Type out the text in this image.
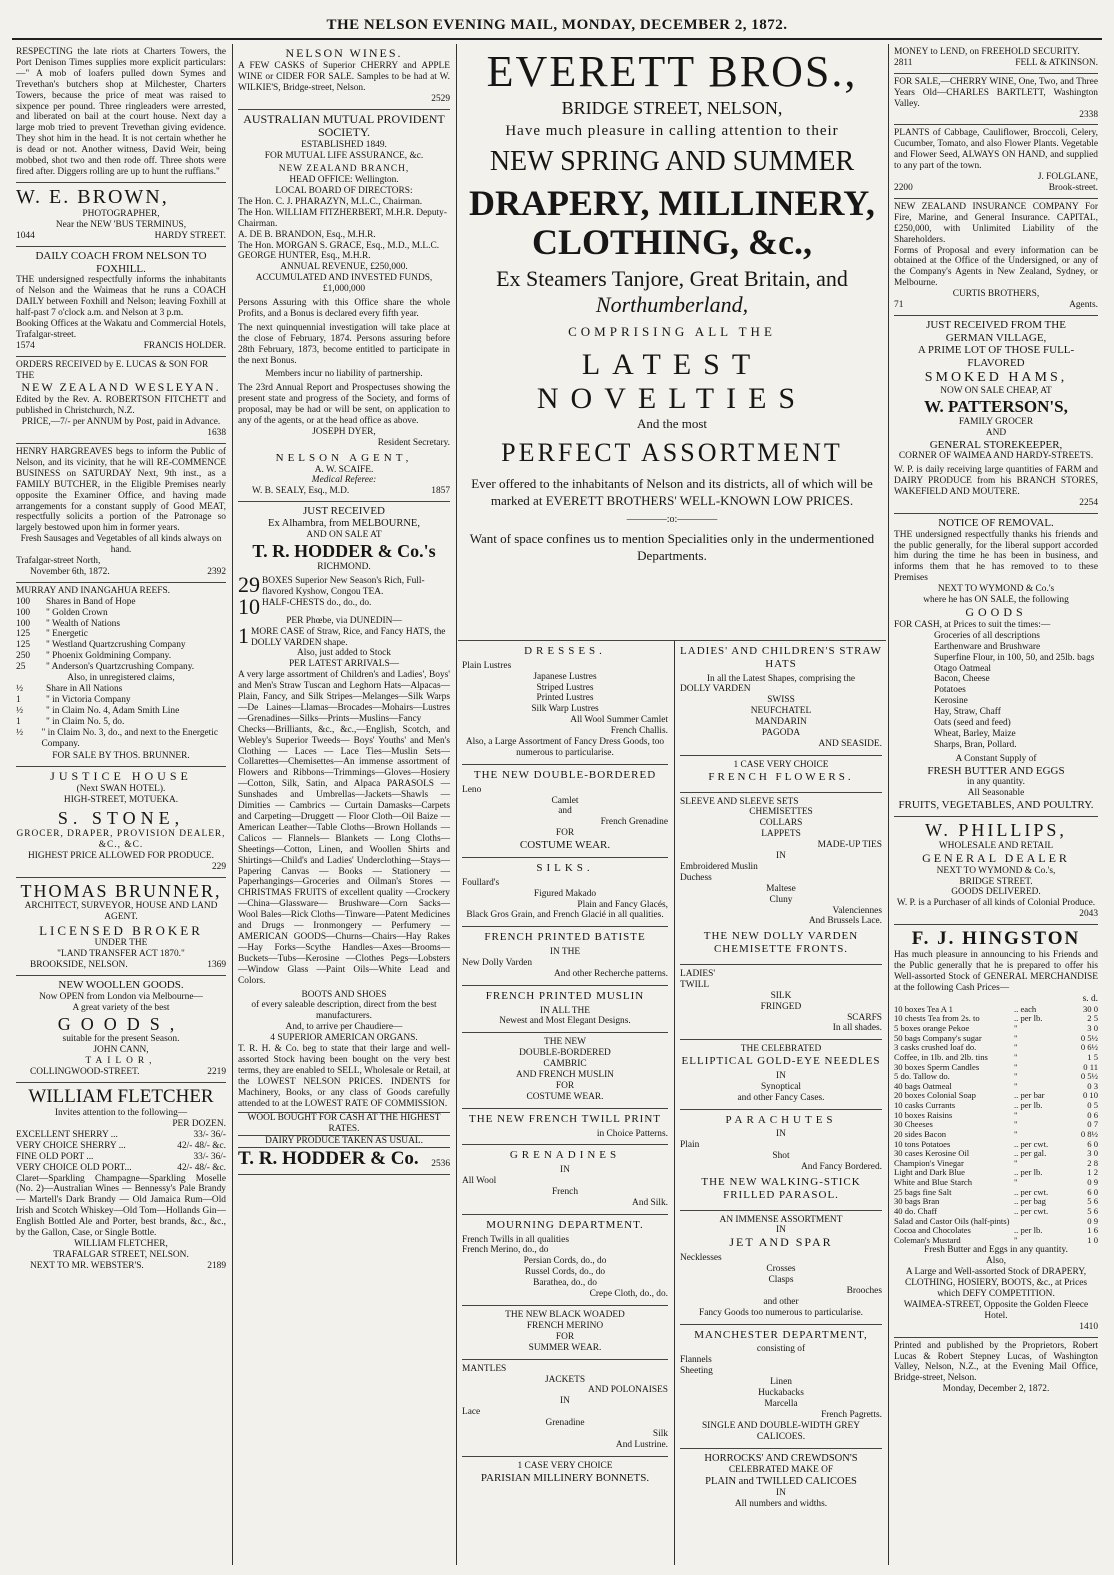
THE NELSON EVENING MAIL, MONDAY, DECEMBER 2, 1872.
RESPECTING the late riots at Charters Towers, the Port Denison Times supplies more explicit particulars:—" A mob of loafers pulled down Symes and Trevethan's butchers shop at Milchester, Charters Towers, because the price of meat was raised to sixpence per pound. Three ringleaders were arrested, and liberated on bail at the court house. Next day a large mob tried to prevent Trevethan giving evidence. They shot him in the head. It is not certain whether he is dead or not. Another witness, David Weir, being mobbed, shot two and then rode off. Three shots were fired after. Diggers rolling are up to hunt the ruffians."
W. E. BROWN,
PHOTOGRAPHER,
Near the NEW 'BUS TERMINUS,
1044	HARDY STREET.
DAILY COACH FROM NELSON TO FOXHILL.
THE undersigned respectfully informs the inhabitants of Nelson and the Waimeas that he runs a COACH DAILY between Foxhill and Nelson; leaving Foxhill at half-past 7 o'clock a.m. and Nelson at 3 p.m.
Booking Offices at the Wakatu and Commercial Hotels, Trafalgar-street.
1574	FRANCIS HOLDER.
ORDERS RECEIVED by E. LUCAS & SON FOR THE
NEW ZEALAND WESLEYAN.
Edited by the Rev. A. ROBERTSON FITCHETT and published in Christchurch, N.Z.
PRICE,—7/- per ANNUM by Post, paid in Advance.
1638
HENRY HARGREAVES begs to inform the Public of Nelson, and its vicinity, that he will RE-COMMENCE BUSINESS on SATURDAY Next, 9th inst., as a FAMILY BUTCHER, in the Eligible Premises nearly opposite the Examiner Office, and having made arrangements for a constant supply of Good MEAT, respectfully solicits a portion of the Patronage so largely bestowed upon him in former years.
Fresh Sausages and Vegetables of all kinds always on hand.
Trafalgar-street North,
November 6th, 1872.	2392
MURRAY AND INANGAHUA REEFS.
100	Shares in Band of Hope
100	" Golden Crown
100	" Wealth of Nations
125	" Energetic
125	" Westland Quartzcrushing Company
250	" Phoenix Goldmining Company.
25	" Anderson's Quartzcrushing Company.
Also, in unregistered claims,
½	Share in All Nations
1	" in Victoria Company
½	" in Claim No. 4, Adam Smith Line
1	" in Claim No. 5, do.
½	" in Claim No. 3, do., and next to the Energetic Company.
FOR SALE BY THOS. BRUNNER.
JUSTICE HOUSE
(Next SWAN HOTEL).
HIGH-STREET, MOTUEKA.
S. STONE,
GROCER, DRAPER, PROVISION DEALER, &C., &C.
HIGHEST PRICE ALLOWED FOR PRODUCE.
229
THOMAS BRUNNER,
ARCHITECT, SURVEYOR, HOUSE AND LAND AGENT.
LICENSED BROKER
UNDER THE
"LAND TRANSFER ACT 1870."
BROOKSIDE, NELSON.	1369
NEW WOOLLEN GOODS.
Now OPEN from London via Melbourne—
A great variety of the best
GOODS,
suitable for the present Season.
JOHN CANN,
TAILOR,
COLLINGWOOD-STREET.	2219
WILLIAM FLETCHER
Invites attention to the following—
PER DOZEN.
EXCELLENT SHERRY ...	33/- 36/-
VERY CHOICE SHERRY ...	42/- 48/- &c.
FINE OLD PORT ...	33/- 36/-
VERY CHOICE OLD PORT...	42/- 48/- &c.
Claret—Sparkling Champagne—Sparkling Moselle (No. 2)—Australian Wines — Bennessy's Pale Brandy — Martell's Dark Brandy — Old Jamaica Rum—Old Irish and Scotch Whiskey—Old Tom—Hollands Gin—English Bottled Ale and Porter, best brands, &c., &c., by the Gallon, Case, or Single Bottle.
WILLIAM FLETCHER,
TRAFALGAR STREET, NELSON.
NEXT TO MR. WEBSTER'S.	2189
NELSON WINES.
A FEW CASKS of Superior CHERRY and APPLE WINE or CIDER FOR SALE. Samples to be had at W. WILKIE'S, Bridge-street, Nelson.
2529
AUSTRALIAN MUTUAL PROVIDENT SOCIETY.
ESTABLISHED 1849.
FOR MUTUAL LIFE ASSURANCE, &c.
NEW ZEALAND BRANCH,
HEAD OFFICE: Wellington.
LOCAL BOARD OF DIRECTORS:
The Hon. C. J. PHARAZYN, M.L.C., Chairman.
The Hon. WILLIAM FITZHERBERT, M.H.R. Deputy-Chairman.
A. DE B. BRANDON, Esq., M.H.R.
The Hon. MORGAN S. GRACE, Esq., M.D., M.L.C.
GEORGE HUNTER, Esq., M.H.R.
ANNUAL REVENUE, £250,000.
ACCUMULATED AND INVESTED FUNDS, £1,000,000
Persons Assuring with this Office share the whole Profits, and a Bonus is declared every fifth year.
The next quinquennial investigation will take place at the close of February, 1874. Persons assuring before 28th February, 1873, become entitled to participate in the next Bonus.
Members incur no liability of partnership.
The 23rd Annual Report and Prospectuses showing the present state and progress of the Society, and forms of proposal, may be had or will be sent, on application to any of the agents, or at the head office as above.
JOSEPH DYER,
Resident Secretary.
NELSON AGENT,
A. W. SCAIFE.
Medical Referee:
W. B. SEALY, Esq., M.D.	1857
JUST RECEIVED
Ex Alhambra, from MELBOURNE,
AND ON SALE AT
T. R. HODDER & Co.'s
RICHMOND.
29 BOXES Superior New Season's Rich, Full-flavored Kyshow, Congou TEA.
10 HALF-CHESTS do., do., do.
PER Phœbe, via DUNEDIN—
1 MORE CASE of Straw, Rice, and Fancy HATS, the DOLLY VARDEN shape.
Also, just added to Stock
PER LATEST ARRIVALS—
A very large assortment of Children's and Ladies', Boys' and Men's Straw Tuscan and Leghorn Hats—Alpacas—Plain, Fancy, and Silk Stripes—Melanges—Silk Warps—De Laines—Llamas—Brocades—Mohairs—Lustres—Grenadines—Silks—Prints—Muslins—Fancy Checks—Brilliants, &c., &c.,—English, Scotch, and Webley's Superior Tweeds— Boys' Youths' and Men's Clothing — Laces — Lace Ties—Muslin Sets—Collarettes—Chemisettes—An immense assortment of Flowers and Ribbons—Trimmings—Gloves—Hosiery—Cotton, Silk, Satin, and Alpaca PARASOLS —Sunshades and Umbrellas—Jackets—Shawls — Dimities — Cambrics — Curtain Damasks—Carpets and Carpeting—Druggett — Floor Cloth—Oil Baize — American Leather—Table Cloths—Brown Hollands — Calicos — Flannels— Blankets — Long Cloths—Sheetings—Cotton, Linen, and Woollen Shirts and Shirtings—Child's and Ladies' Underclothing—Stays—Papering Canvas — Books — Stationery — Paperhangings—Groceries and Oilman's Stores —CHRISTMAS FRUITS of excellent quality —Crockery—China—Glassware— Brushware—Corn Sacks—Wool Bales—Rick Cloths—Tinware—Patent Medicines and Drugs — Ironmongery — Perfumery — AMERICAN GOODS—Churns—Chairs—Hay Rakes—Hay Forks—Scythe Handles—Axes—Brooms—Buckets—Tubs—Kerosine —Clothes Pegs—Lobsters—Window Glass —Paint Oils—White Lead and Colors.
BOOTS AND SHOES
of every saleable description, direct from the best manufacturers.
And, to arrive per Chaudiere—
4 SUPERIOR AMERICAN ORGANS.
T. R. H. & Co. beg to state that their large and well-assorted Stock having been bought on the very best terms, they are enabled to SELL, Wholesale or Retail, at the LOWEST NELSON PRICES. INDENTS for Machinery, Books, or any class of Goods carefully attended to at the LOWEST RATE OF COMMISSION.
WOOL BOUGHT FOR CASH AT THE HIGHEST RATES.
DAIRY PRODUCE TAKEN AS USUAL.
T. R. HODDER & Co. 2536
EVERETT BROS.,
BRIDGE STREET, NELSON,
Have much pleasure in calling attention to their
NEW SPRING AND SUMMER
DRAPERY, MILLINERY,
CLOTHING, &c.,
Ex Steamers Tanjore, Great Britain, and
Northumberland,
COMPRISING ALL THE
LATEST NOVELTIES
And the most
PERFECT ASSORTMENT
Ever offered to the inhabitants of Nelson and its districts, all of which will be marked at EVERETT BROTHERS' WELL-KNOWN LOW PRICES.
————:o:————
Want of space confines us to mention Specialities only in the undermentioned Departments.
DRESSES.
Plain Lustres
Japanese Lustres
Striped Lustres
Printed Lustres
Silk Warp Lustres
All Wool Summer Camlet
French Challis.
Also, a Large Assortment of Fancy Dress Goods, too numerous to particularise.
THE NEW DOUBLE-BORDERED
Leno
Camlet
and
French Grenadine
FOR
COSTUME WEAR.
SILKS.
Foullard's
Figured Makado
Plain and Fancy Glacés,
Black Gros Grain, and French Glacié in all qualities.
FRENCH PRINTED BATISTE
IN THE
New Dolly Varden
And other Recherche patterns.
FRENCH PRINTED MUSLIN
IN ALL THE
Newest and Most Elegant Designs.
THE NEW
DOUBLE-BORDERED
CAMBRIC
AND FRENCH MUSLIN
FOR
COSTUME WEAR.
THE NEW FRENCH TWILL PRINT
in Choice Patterns.
GRENADINES
IN
All Wool
French
And Silk.
MOURNING DEPARTMENT.
French Twills in all qualities
French Merino, do., do
Persian Cords, do., do
Russel Cords, do., do
Barathea, do., do
Crepe Cloth, do., do.
THE NEW BLACK WOADED
FRENCH MERINO
FOR
SUMMER WEAR.
MANTLES
JACKETS
AND POLONAISES
IN
Lace
Grenadine
Silk
And Lustrine.
1 CASE VERY CHOICE
PARISIAN MILLINERY BONNETS.
LADIES' AND CHILDREN'S STRAW HATS
In all the Latest Shapes, comprising the
DOLLY VARDEN
SWISS
NEUFCHATEL
MANDARIN
PAGODA
AND SEASIDE.
1 CASE VERY CHOICE
FRENCH FLOWERS.
SLEEVE AND SLEEVE SETS
CHEMISETTES
COLLARS
LAPPETS
MADE-UP TIES
IN
Embroidered Muslin
Duchess
Maltese
Cluny
Valenciennes
And Brussels Lace.
THE NEW DOLLY VARDEN CHEMISETTE FRONTS.
LADIES'
TWILL
SILK
FRINGED
SCARFS
In all shades.
THE CELEBRATED
ELLIPTICAL GOLD-EYE NEEDLES
IN
Synoptical
and other Fancy Cases.
PARACHUTES
IN
Plain
Shot
And Fancy Bordered.
THE NEW WALKING-STICK FRILLED PARASOL.
AN IMMENSE ASSORTMENT
IN
JET AND SPAR
Necklesses
Crosses
Clasps
Brooches
and other
Fancy Goods too numerous to particularise.
MANCHESTER DEPARTMENT,
consisting of
Flannels
Sheeting
Linen
Huckabacks
Marcella
French Pagretts.
SINGLE AND DOUBLE-WIDTH GREY CALICOES.
HORROCKS' AND CREWDSON'S
CELEBRATED MAKE OF
PLAIN and TWILLED CALICOES
IN
All numbers and widths.
MONEY to LEND, on FREEHOLD SECURITY.
2811	FELL & ATKINSON.
FOR SALE,—CHERRY WINE, One, Two, and Three Years Old—CHARLES BARTLETT, Washington Valley.
2338
PLANTS of Cabbage, Cauliflower, Broccoli, Celery, Cucumber, Tomato, and also Flower Plants. Vegetable and Flower Seed, ALWAYS ON HAND, and supplied to any part of the town.
J. FOLGLANE,
2200	Brook-street.
NEW ZEALAND INSURANCE COMPANY For Fire, Marine, and General Insurance. CAPITAL, £250,000, with Unlimited Liability of the Shareholders.
Forms of Proposal and every information can be obtained at the Office of the Undersigned, or any of the Company's Agents in New Zealand, Sydney, or Melbourne.
CURTIS BROTHERS,
71	Agents.
JUST RECEIVED FROM THE
GERMAN VILLAGE,
A PRIME LOT OF THOSE FULL-FLAVORED
SMOKED HAMS,
NOW ON SALE CHEAP, AT
W. PATTERSON'S,
FAMILY GROCER
AND
GENERAL STOREKEEPER,
CORNER OF WAIMEA AND HARDY-STREETS.
W. P. is daily receiving large quantities of FARM and DAIRY PRODUCE from his BRANCH STORES, WAKEFIELD AND MOUTERE.
2254
NOTICE OF REMOVAL.
THE undersigned respectfully thanks his friends and the public generally, for the liberal support accorded him during the time he has been in business, and informs them that he has removed to to these Premises
NEXT TO WYMOND & Co.'s
where he has ON SALE, the following
GOODS
FOR CASH, at Prices to suit the times:—
Groceries of all descriptions
Earthenware and Brushware
Superfine Flour, in 100, 50, and 25lb. bags
Otago Oatmeal
Bacon, Cheese
Potatoes
Kerosine
Hay, Straw, Chaff
Oats (seed and feed)
Wheat, Barley, Maize
Sharps, Bran, Pollard.
A Constant Supply of
FRESH BUTTER AND EGGS
in any quantity.
All Seasonable
FRUITS, VEGETABLES, AND POULTRY.
W. PHILLIPS,
WHOLESALE AND RETAIL
GENERAL DEALER
NEXT TO WYMOND & Co.'s,
BRIDGE STREET.
GOODS DELIVERED.
W. P. is a Purchaser of all kinds of Colonial Produce.
2043
F. J. HINGSTON
Has much pleasure in announcing to his Friends and the Public generally that he is prepared to offer his Well-assorted Stock of GENERAL MERCHANDISE at the following Cash Prices—
s. d.
10 boxes Tea A 1	.. each	30 0
10 chests Tea from 2s. to	.. per lb.	2 5
5 boxes orange Pekoe	"	3 0
50 bags Company's sugar	"	0 5½
3 casks crushed loaf do.	"	0 6½
Coffee, in 1lb. and 2lb. tins	"	1 5
30 boxes Sperm Candles	"	0 11
5 do. Tallow do.	"	0 5½
40 bags Oatmeal	"	0 3
20 boxes Colonial Soap	.. per bar	0 10
10 casks Currants	.. per lb.	0 5
10 boxes Raisins	"	0 6
30 Cheeses	"	0 7
20 sides Bacon	"	0 8½
10 tons Potatoes	.. per cwt.	6 0
30 cases Kerosine Oil	.. per gal.	3 0
Champion's Vinegar	"	2 8
Light and Dark Blue	.. per lb.	1 2
White and Blue Starch	"	0 9
25 bags fine Salt	.. per cwt.	6 0
30 bags Bran	.. per bag	5 6
40 do. Chaff	.. per cwt.	5 6
Salad and Castor Oils (half-pints)	0 9
Cocoa and Chocolates	.. per lb.	1 6
Coleman's Mustard	"	1 0
Fresh Butter and Eggs in any quantity.
Also,
A Large and Well-assorted Stock of DRAPERY, CLOTHING, HOSIERY, BOOTS, &c., at Prices which DEFY COMPETITION.
WAIMEA-STREET, Opposite the Golden Fleece Hotel.
1410
Printed and published by the Proprietors, Robert Lucas & Robert Stepney Lucas, of Washington Valley, Nelson, N.Z., at the Evening Mail Office, Bridge-street, Nelson.
Monday, December 2, 1872.
